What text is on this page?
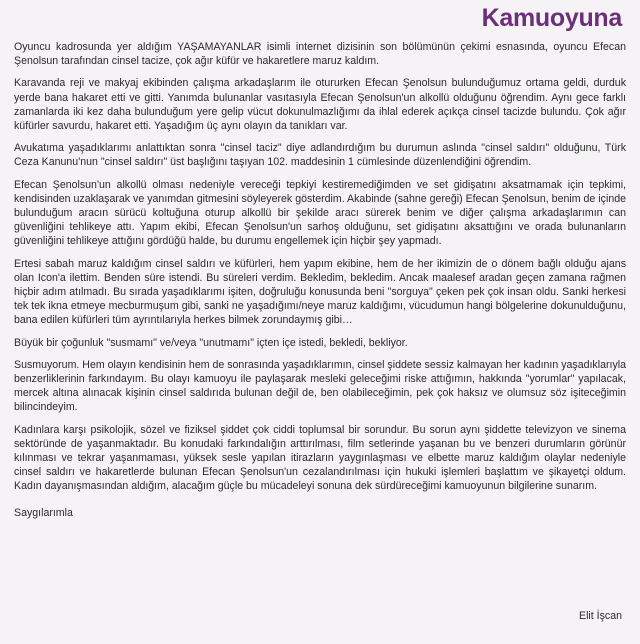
Kamuoyuna

Oyuncu kadrosunda yer aldığım YAŞAMAYANLAR isimli internet dizisinin son bölümünün çekimi esnasında, oyuncu Efecan Şenolsun tarafından cinsel tacize, çok ağır küfür ve hakaretlere maruz kaldım.

Karavanda reji ve makyaj ekibinden çalışma arkadaşlarım ile otururken Efecan Şenolsun bulunduğumuz ortama geldi, durduk yerde bana hakaret etti ve gitti. Yanımda bulunanlar vasıtasıyla Efecan Şenolsun'un alkollü olduğunu öğrendim. Aynı gece farklı zamanlarda iki kez daha bulunduğum yere gelip vücut dokunulmazlığımı da ihlal ederek açıkça cinsel tacizde bulundu. Çok ağır küfürler savurdu, hakaret etti. Yaşadığım üç aynı olayın da tanıkları var.

Avukatıma yaşadıklarımı anlattıktan sonra "cinsel taciz" diye adlandırdığım bu durumun aslında "cinsel saldırı" olduğunu, Türk Ceza Kanunu'nun "cinsel saldırı" üst başlığını taşıyan 102. maddesinin 1 cümlesinde düzenlendiğini öğrendim.

Efecan Şenolsun'un alkollü olması nedeniyle vereceği tepkiyi kestiremediğimden ve set gidişatını aksatmamak için tepkimi, kendisinden uzaklaşarak ve yanımdan gitmesini söyleyerek gösterdim. Akabinde (sahne gereği) Efecan Şenolsun, benim de içinde bulunduğum aracın sürücü koltuğuna oturup alkollü bir şekilde aracı sürerek benim ve diğer çalışma arkadaşlarımın can güvenliğini tehlikeye attı. Yapım ekibi, Efecan Şenolsun'un sarhoş olduğunu, set gidişatını aksattığını ve orada bulunanların güvenliğini tehlikeye attığını gördüğü halde, bu durumu engellemek için hiçbir şey yapmadı.

Ertesi sabah maruz kaldığım cinsel saldırı ve küfürleri, hem yapım ekibine, hem de her ikimizin de o dönem bağlı olduğu ajans olan Icon'a ilettim. Benden süre istendi. Bu süreleri verdim. Bekledim, bekledim. Ancak maalesef aradan geçen zamana rağmen hiçbir adım atılmadı. Bu sırada yaşadıklarımı işiten, doğruluğu konusunda beni "sorguya" çeken pek çok insan oldu. Sanki herkesi tek tek ikna etmeye mecburmuşum gibi, sanki ne yaşadığımı/neye maruz kaldığımı, vücudumun hangi bölgelerine dokunulduğunu, bana edilen küfürleri tüm ayrıntılarıyla herkes bilmek zorundaymış gibi…

Büyük bir çoğunluk "susmamı" ve/veya "unutmamı" içten içe istedi, bekledi, bekliyor.

Susmuyorum. Hem olayın kendisinin hem de sonrasında yaşadıklarımın, cinsel şiddete sessiz kalmayan her kadının yaşadıklarıyla benzerliklerinin farkındayım. Bu olayı kamuoyu ile paylaşarak mesleki geleceğimi riske attığımın, hakkında "yorumlar" yapılacak, mercek altına alınacak kişinin cinsel saldırıda bulunan değil de, ben olabileceğimin, pek çok haksız ve olumsuz söz işiteceğimin bilincindeyim.

Kadınlara karşı psikolojik, sözel ve fiziksel şiddet çok ciddi toplumsal bir sorundur. Bu sorun aynı şiddette televizyon ve sinema sektöründe de yaşanmaktadır. Bu konudaki farkındalığın arttırılması, film setlerinde yaşanan bu ve benzeri durumların görünür kılınması ve tekrar yaşanmaması, yüksek sesle yapılan itirazların yaygınlaşması ve elbette maruz kaldığım olaylar nedeniyle cinsel saldırı ve hakaretlerde bulunan Efecan Şenolsun'un cezalandırılması için hukuki işlemleri başlattım ve şikayetçi oldum. Kadın dayanışmasından aldığım, alacağım güçle bu mücadeleyi sonuna dek sürdüreceğimi kamuoyunun bilgilerine sunarım.

Saygılarımla
Elit İşcan
